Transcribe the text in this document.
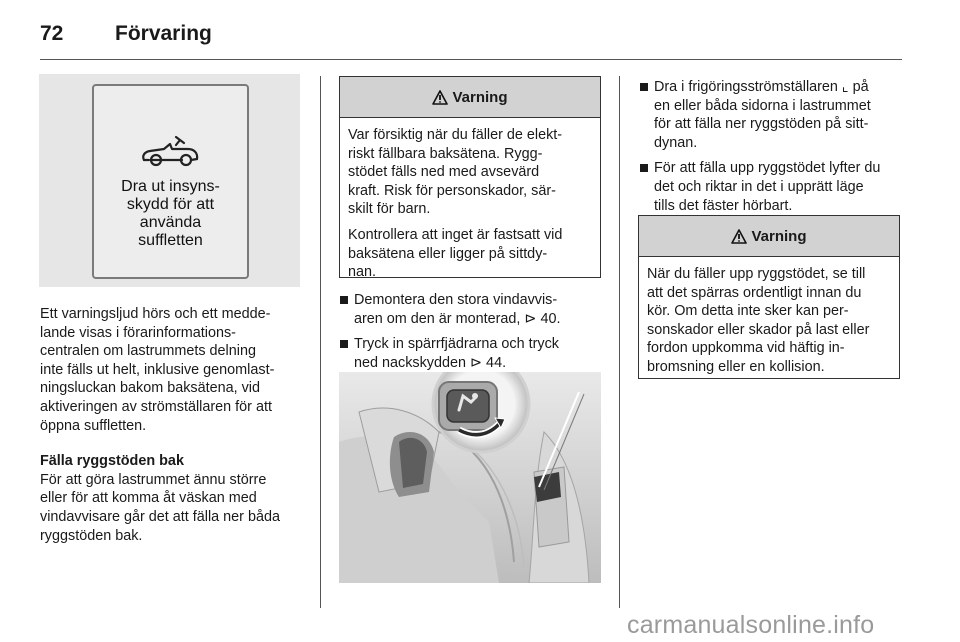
72 Förvaring
Dra ut insyns-
skydd för att
använda
suffletten

Ett varningsljud hörs och ett medde-
lande visas i förarinformations-
centralen om lastrummets delning
inte fälls ut helt, inklusive genomlast-
ningsluckan bakom baksätena, vid
aktiveringen av strömställaren för att
öppna suffletten.

Fälla ryggstöden bak

För att göra lastrummet ännu större
eller för att komma åt väskan med
vindavvisare går det att fälla ner båda
ryggstöden bak.

Varning

Var försiktig när du fäller de elekt-
riskt fällbara baksätena. Rygg-
stödet fälls ned med avsevärd
kraft. Risk för personskador, sär-
skilt för barn.

Kontrollera att inget är fastsatt vid
baksätena eller ligger på sittdy-
nan.

Demontera den stora vindavvis-
aren om den är monterad, ⊳ 40.
Tryck in spärrfjädrarna och tryck
ned nackskydden ⊳ 44.
Dra i frigöringsströmställaren ⌞ på
en eller båda sidorna i lastrummet
för att fälla ner ryggstöden på sitt-
dynan.
För att fälla upp ryggstödet lyfter du
det och riktar in det i upprätt läge
tills det fäster hörbart.
Varning

När du fäller upp ryggstödet, se till
att det spärras ordentligt innan du
kör. Om detta inte sker kan per-
sonskador eller skador på last eller
fordon uppkomma vid häftig in-
bromsning eller en kollision.

carmanualsonline.info
